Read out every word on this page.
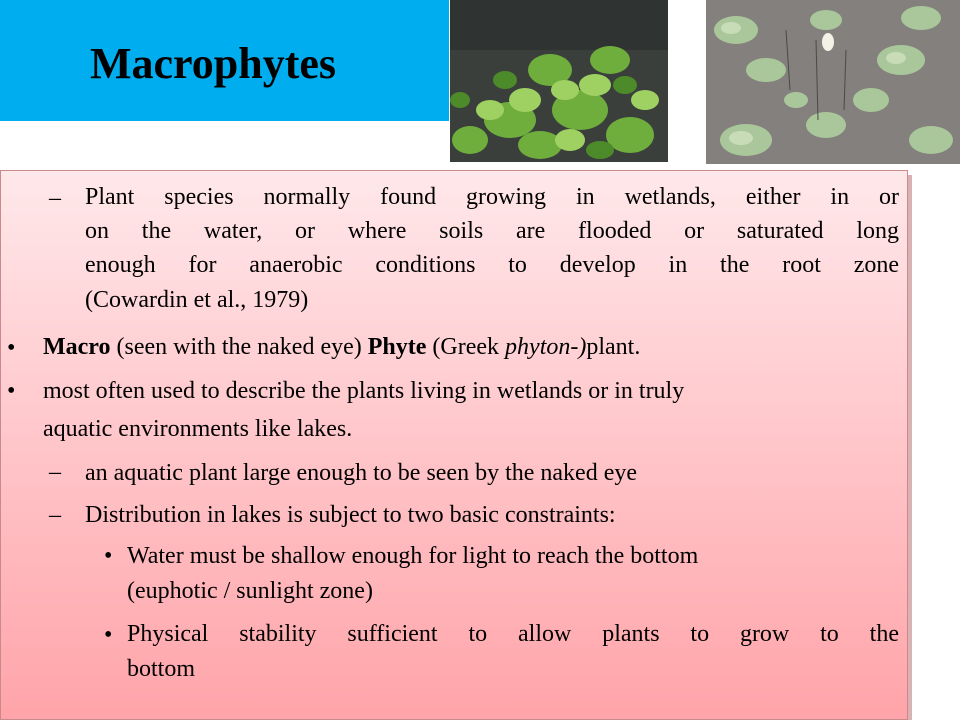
Macrophytes
– Plant species normally found growing in wetlands, either in or
on the water, or where soils are flooded or saturated long
enough for anaerobic conditions to develop in the root zone
(Cowardin et al., 1979)
• Macro (seen with the naked eye) Phyte (Greek phyton-)plant.
• most often used to describe the plants living in wetlands or in truly
aquatic environments like lakes.
– an aquatic plant large enough to be seen by the naked eye
– Distribution in lakes is subject to two basic constraints:
• Water must be shallow enough for light to reach the bottom
(euphotic / sunlight zone)
• Physical stability sufficient to allow plants to grow to the
bottom
